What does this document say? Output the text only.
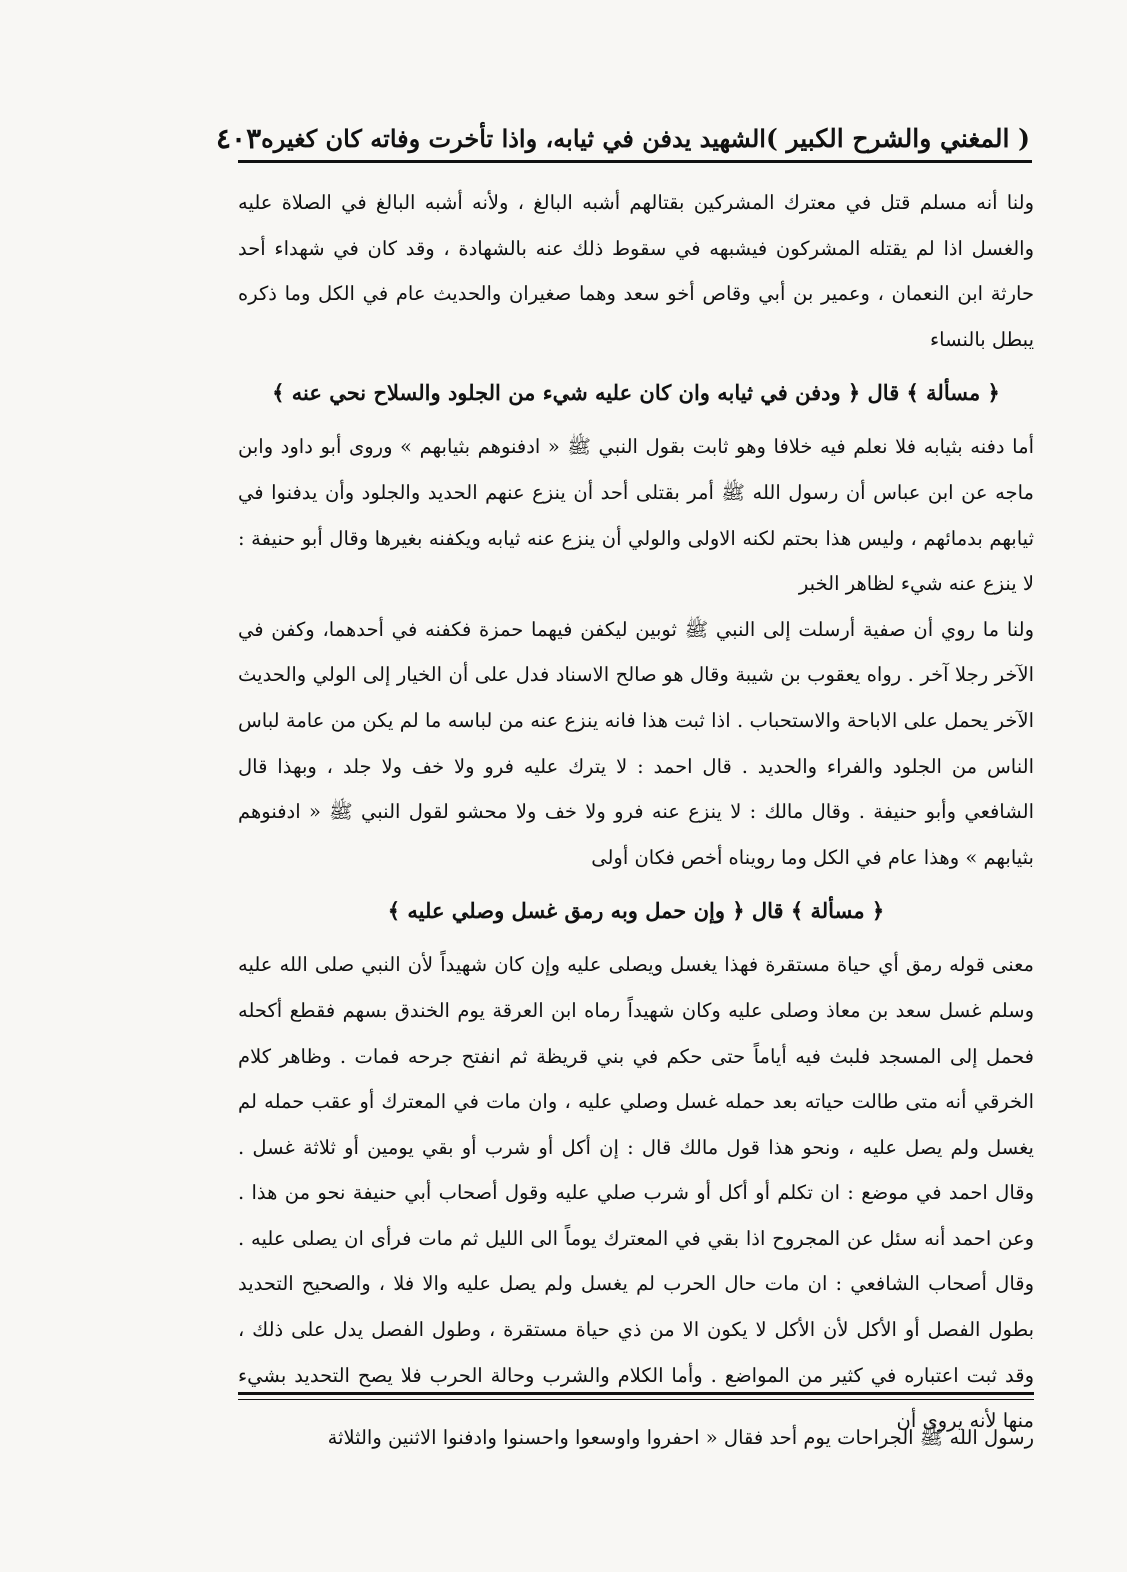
( المغني والشرح الكبير )
الشهيد يدفن في ثيابه، واذا تأخرت وفاته كان كغيره
٤٠٣

ولنا أنه مسلم قتل في معترك المشركين بقتالهم أشبه البالغ ، ولأنه أشبه البالغ في الصلاة عليه والغسل اذا لم يقتله المشركون فيشبهه في سقوط ذلك عنه بالشهادة ، وقد كان في شهداء أحد حارثة ابن النعمان ، وعمير بن أبي وقاص أخو سعد وهما صغيران والحديث عام في الكل وما ذكره يبطل بالنساء

﴿ مسألة ﴾ قال ﴿ ودفن في ثيابه وان كان عليه شيء من الجلود والسلاح نحي عنه ﴾

أما دفنه بثيابه فلا نعلم فيه خلافا وهو ثابت بقول النبي ﷺ « ادفنوهم بثيابهم » وروى أبو داود وابن ماجه عن ابن عباس أن رسول الله ﷺ أمر بقتلى أحد أن ينزع عنهم الحديد والجلود وأن يدفنوا في ثيابهم بدمائهم ، وليس هذا بحتم لكنه الاولى والولي أن ينزع عنه ثيابه ويكفنه بغيرها وقال أبو حنيفة : لا ينزع عنه شيء لظاهر الخبر

ولنا ما روي أن صفية أرسلت إلى النبي ﷺ ثوبين ليكفن فيهما حمزة فكفنه في أحدهما، وكفن في الآخر رجلا آخر . رواه يعقوب بن شيبة وقال هو صالح الاسناد فدل على أن الخيار إلى الولي والحديث الآخر يحمل على الاباحة والاستحباب . اذا ثبت هذا فانه ينزع عنه من لباسه ما لم يكن من عامة لباس الناس من الجلود والفراء والحديد . قال احمد : لا يترك عليه فرو ولا خف ولا جلد ، وبهذا قال الشافعي وأبو حنيفة . وقال مالك : لا ينزع عنه فرو ولا خف ولا محشو لقول النبي ﷺ « ادفنوهم بثيابهم » وهذا عام في الكل وما رويناه أخص فكان أولى

﴿ مسألة ﴾ قال ﴿ وإن حمل وبه رمق غسل وصلي عليه ﴾

معنى قوله رمق أي حياة مستقرة فهذا يغسل ويصلى عليه وإن كان شهيداً لأن النبي صلى الله عليه وسلم غسل سعد بن معاذ وصلى عليه وكان شهيداً رماه ابن العرقة يوم الخندق بسهم فقطع أكحله فحمل إلى المسجد فلبث فيه أياماً حتى حكم في بني قريظة ثم انفتح جرحه فمات . وظاهر كلام الخرقي أنه متى طالت حياته بعد حمله غسل وصلي عليه ، وان مات في المعترك أو عقب حمله لم يغسل ولم يصل عليه ، ونحو هذا قول مالك قال : إن أكل أو شرب أو بقي يومين أو ثلاثة غسل . وقال احمد في موضع : ان تكلم أو أكل أو شرب صلي عليه وقول أصحاب أبي حنيفة نحو من هذا . وعن احمد أنه سئل عن المجروح اذا بقي في المعترك يوماً الى الليل ثم مات فرأى ان يصلى عليه . وقال أصحاب الشافعي : ان مات حال الحرب لم يغسل ولم يصل عليه والا فلا ، والصحيح التحديد بطول الفصل أو الأكل لأن الأكل لا يكون الا من ذي حياة مستقرة ، وطول الفصل يدل على ذلك ، وقد ثبت اعتباره في كثير من المواضع . وأما الكلام والشرب وحالة الحرب فلا يصح التحديد بشيء منها لأنه يروى أن

رسول الله ﷺ الجراحات يوم أحد فقال « احفروا واوسعوا واحسنوا وادفنوا الاثنين والثلاثة
